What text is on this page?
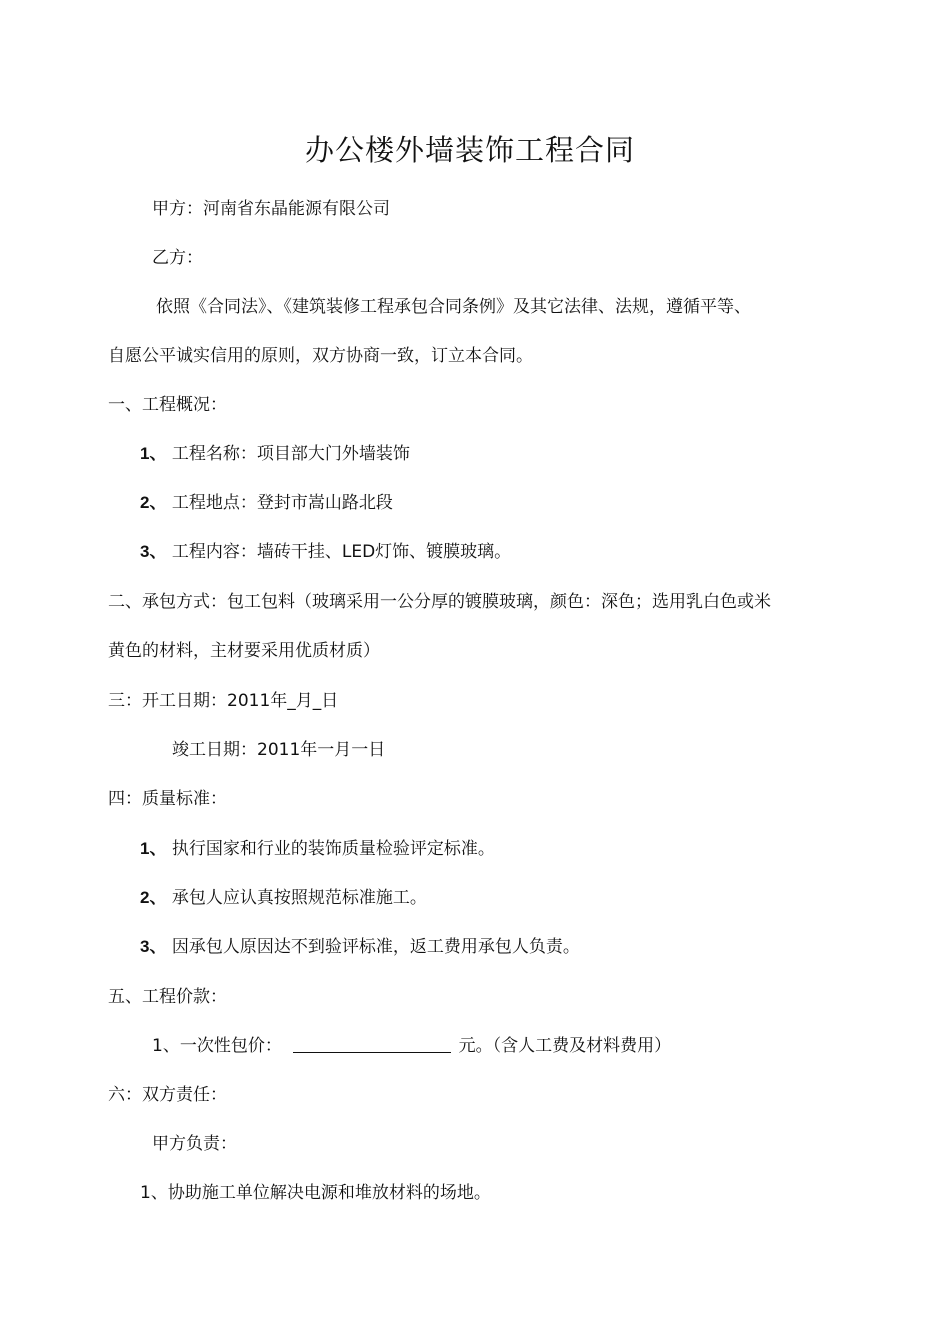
办公楼外墙装饰工程合同
甲方：河南省东晶能源有限公司
乙方：
依照《合同法》、《建筑装修工程承包合同条例》及其它法律、法规，遵循平等、
自愿公平诚实信用的原则，双方协商一致，订立本合同。
一、工程概况：
1、 工程名称：项目部大门外墙装饰
2、 工程地点：登封市嵩山路北段
3、 工程内容：墙砖干挂、LED灯饰、镀膜玻璃。
二、承包方式：包工包料（玻璃采用一公分厚的镀膜玻璃，颜色：深色；选用乳白色或米
黄色的材料，主材要采用优质材质）
三：开工日期：2011年_月_日
竣工日期：2011年一月一日
四：质量标准：
1、 执行国家和行业的装饰质量检验评定标准。
2、 承包人应认真按照规范标准施工。
3、 因承包人原因达不到验评标准，返工费用承包人负责。
五、工程价款：
1、一次性包价：	元。（含人工费及材料费用）
六：双方责任：
甲方负责：
1、协助施工单位解决电源和堆放材料的场地。
